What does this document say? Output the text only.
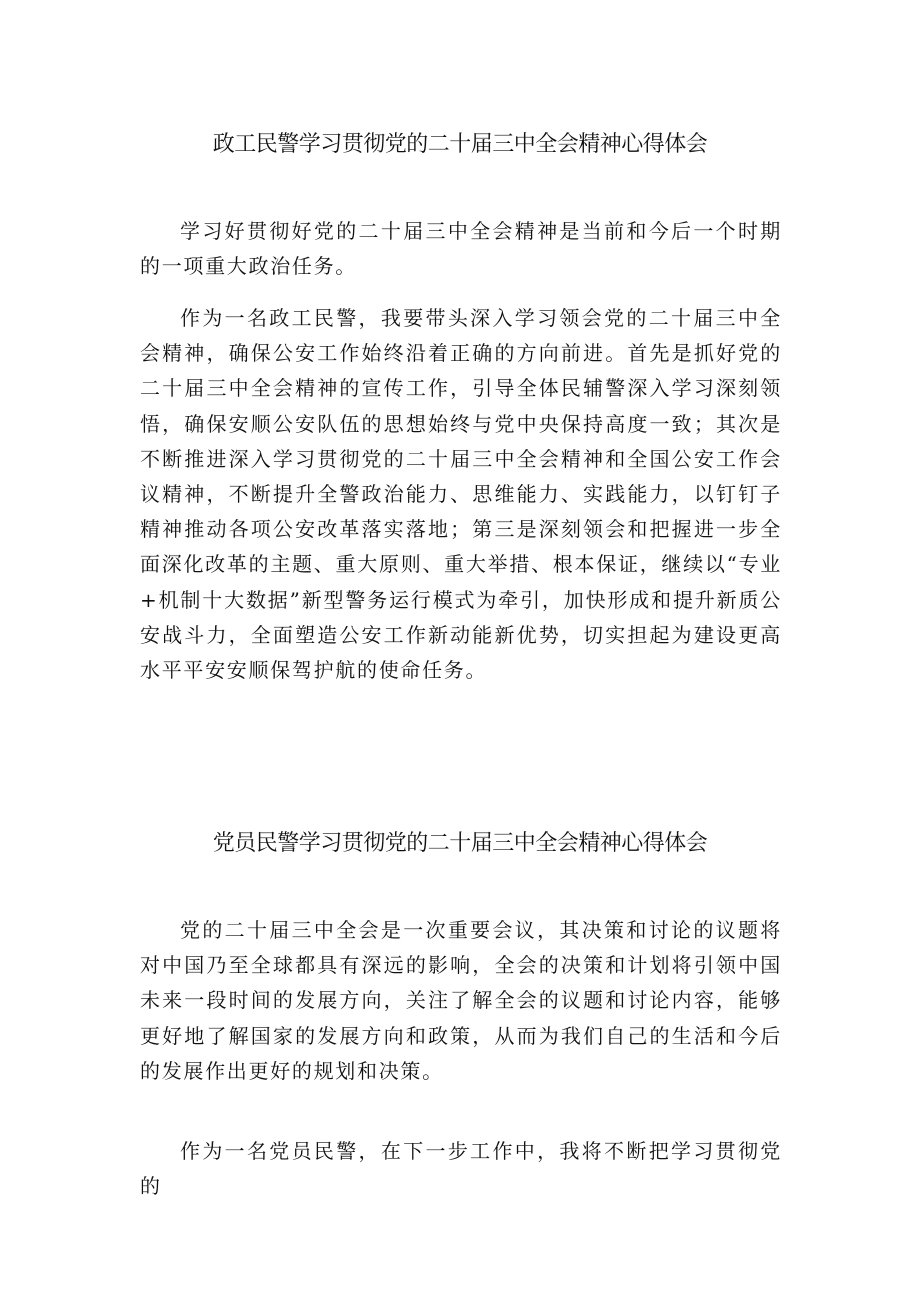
政工民警学习贯彻党的二十届三中全会精神心得体会

学习好贯彻好党的二十届三中全会精神是当前和今后一个时期的一项重大政治任务。

作为一名政工民警，我要带头深入学习领会党的二十届三中全会精神，确保公安工作始终沿着正确的方向前进。首先是抓好党的二十届三中全会精神的宣传工作，引导全体民辅警深入学习深刻领悟，确保安顺公安队伍的思想始终与党中央保持高度一致；其次是不断推进深入学习贯彻党的二十届三中全会精神和全国公安工作会议精神，不断提升全警政治能力、思维能力、实践能力，以钉钉子精神推动各项公安改革落实落地；第三是深刻领会和把握进一步全面深化改革的主题、重大原则、重大举措、根本保证，继续以“专业+机制十大数据”新型警务运行模式为牵引，加快形成和提升新质公安战斗力，全面塑造公安工作新动能新优势，切实担起为建设更高水平平安安顺保驾护航的使命任务。

党员民警学习贯彻党的二十届三中全会精神心得体会

党的二十届三中全会是一次重要会议，其决策和讨论的议题将对中国乃至全球都具有深远的影响，全会的决策和计划将引领中国未来一段时间的发展方向，关注了解全会的议题和讨论内容，能够更好地了解国家的发展方向和政策，从而为我们自己的生活和今后的发展作出更好的规划和决策。

作为一名党员民警，在下一步工作中，我将不断把学习贯彻党的
